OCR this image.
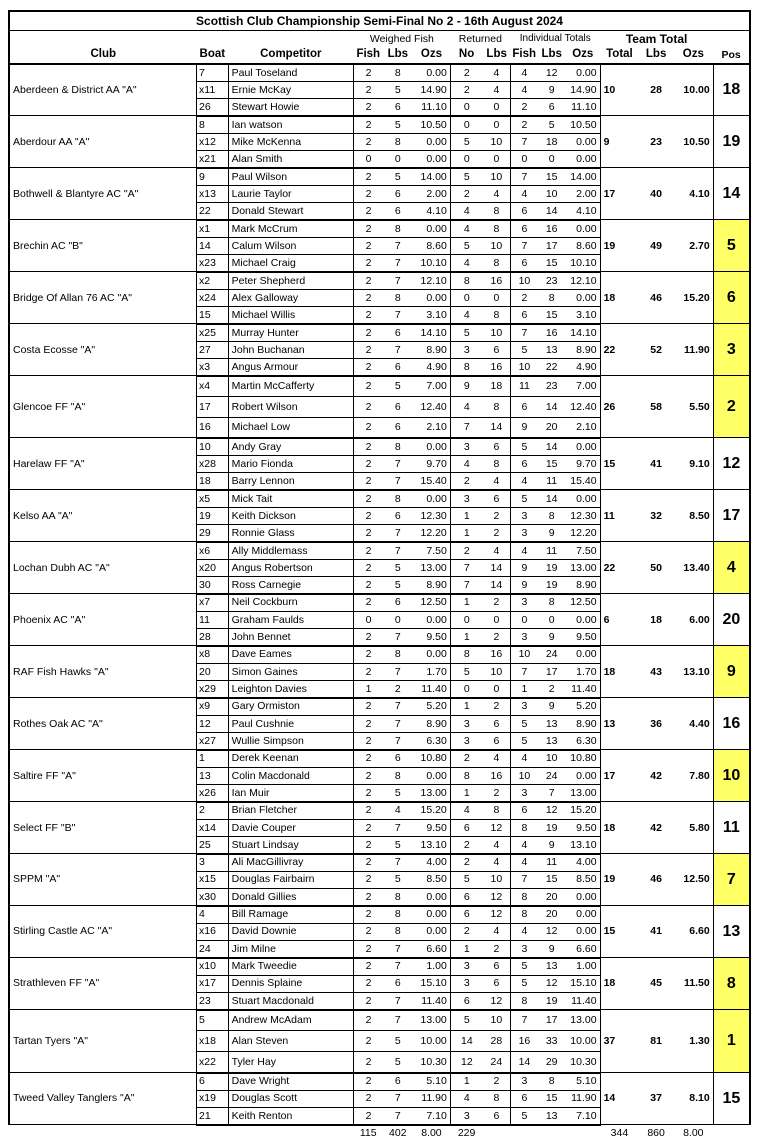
Scottish Club Championship Semi-Final No 2 - 16th August 2024														
			Weighed Fish			Returned		Individual Totals			Team Total			
Club	Boat	Competitor	Fish	Lbs	Ozs	No	Lbs	Fish	Lbs	Ozs	Total	Lbs	Ozs	Pos
Aberdeen & District AA "A"	7	Paul Toseland	2	8	0.00	2	4	4	12	0.00	10	28	10.00	18
	x11	Ernie McKay	2	5	14.90	2	4	4	9	14.90				
	26	Stewart Howie	2	6	11.10	0	0	2	6	11.10				
Aberdour AA "A"	8	Ian watson	2	5	10.50	0	0	2	5	10.50	9	23	10.50	19
	x12	Mike McKenna	2	8	0.00	5	10	7	18	0.00				
	x21	Alan Smith	0	0	0.00	0	0	0	0	0.00				
Bothwell & Blantyre AC "A"	9	Paul Wilson	2	5	14.00	5	10	7	15	14.00	17	40	4.10	14
	x13	Laurie Taylor	2	6	2.00	2	4	4	10	2.00				
	22	Donald Stewart	2	6	4.10	4	8	6	14	4.10				
Brechin AC "B"	x1	Mark McCrum	2	8	0.00	4	8	6	16	0.00	19	49	2.70	5
	14	Calum Wilson	2	7	8.60	5	10	7	17	8.60				
	x23	Michael Craig	2	7	10.10	4	8	6	15	10.10				
Bridge Of Allan 76 AC "A"	x2	Peter Shepherd	2	7	12.10	8	16	10	23	12.10	18	46	15.20	6
	x24	Alex Galloway	2	8	0.00	0	0	2	8	0.00				
	15	Michael Willis	2	7	3.10	4	8	6	15	3.10				
Costa Ecosse "A"	x25	Murray Hunter	2	6	14.10	5	10	7	16	14.10	22	52	11.90	3
	27	John Buchanan	2	7	8.90	3	6	5	13	8.90				
	x3	Angus Armour	2	6	4.90	8	16	10	22	4.90				
Glencoe FF "A"	x4	Martin McCafferty	2	5	7.00	9	18	11	23	7.00	26	58	5.50	2
	17	Robert Wilson	2	6	12.40	4	8	6	14	12.40				
	16	Michael Low	2	6	2.10	7	14	9	20	2.10				
Harelaw FF "A"	10	Andy Gray	2	8	0.00	3	6	5	14	0.00	15	41	9.10	12
	x28	Mario Fionda	2	7	9.70	4	8	6	15	9.70				
	18	Barry Lennon	2	7	15.40	2	4	4	11	15.40				
Kelso AA "A"	x5	Mick Tait	2	8	0.00	3	6	5	14	0.00	11	32	8.50	17
	19	Keith Dickson	2	6	12.30	1	2	3	8	12.30				
	29	Ronnie Glass	2	7	12.20	1	2	3	9	12.20				
Lochan Dubh AC "A"	x6	Ally Middlemass	2	7	7.50	2	4	4	11	7.50	22	50	13.40	4
	x20	Angus Robertson	2	5	13.00	7	14	9	19	13.00				
	30	Ross Carnegie	2	5	8.90	7	14	9	19	8.90				
Phoenix AC "A"	x7	Neil Cockburn	2	6	12.50	1	2	3	8	12.50	6	18	6.00	20
	11	Graham Faulds	0	0	0.00	0	0	0	0	0.00				
	28	John Bennet	2	7	9.50	1	2	3	9	9.50				
RAF Fish Hawks "A"	x8	Dave Eames	2	8	0.00	8	16	10	24	0.00	18	43	13.10	9
	20	Simon Gaines	2	7	1.70	5	10	7	17	1.70				
	x29	Leighton Davies	1	2	11.40	0	0	1	2	11.40				
Rothes Oak AC "A"	x9	Gary Ormiston	2	7	5.20	1	2	3	9	5.20	13	36	4.40	16
	12	Paul Cushnie	2	7	8.90	3	6	5	13	8.90				
	x27	Wullie Simpson	2	7	6.30	3	6	5	13	6.30				
Saltire FF "A"	1	Derek Keenan	2	6	10.80	2	4	4	10	10.80	17	42	7.80	10
	13	Colin Macdonald	2	8	0.00	8	16	10	24	0.00				
	x26	Ian Muir	2	5	13.00	1	2	3	7	13.00				
Select FF "B"	2	Brian Fletcher	2	4	15.20	4	8	6	12	15.20	18	42	5.80	11
	x14	Davie Couper	2	7	9.50	6	12	8	19	9.50				
	25	Stuart Lindsay	2	5	13.10	2	4	4	9	13.10				
SPPM "A"	3	Ali MacGillivray	2	7	4.00	2	4	4	11	4.00	19	46	12.50	7
	x15	Douglas Fairbairn	2	5	8.50	5	10	7	15	8.50				
	x30	Donald Gillies	2	8	0.00	6	12	8	20	0.00				
Stirling Castle AC "A"	4	Bill Ramage	2	8	0.00	6	12	8	20	0.00	15	41	6.60	13
	x16	David Downie	2	8	0.00	2	4	4	12	0.00				
	24	Jim Milne	2	7	6.60	1	2	3	9	6.60				
Strathleven FF "A"	x10	Mark Tweedie	2	7	1.00	3	6	5	13	1.00	18	45	11.50	8
	x17	Dennis Splaine	2	6	15.10	3	6	5	12	15.10				
	23	Stuart Macdonald	2	7	11.40	6	12	8	19	11.40				
Tartan Tyers "A"	5	Andrew McAdam	2	7	13.00	5	10	7	17	13.00	37	81	1.30	1
	x18	Alan Steven	2	5	10.00	14	28	16	33	10.00				
	x22	Tyler Hay	2	5	10.30	12	24	14	29	10.30				
Tweed Valley Tanglers "A"	6	Dave Wright	2	6	5.10	1	2	3	8	5.10	14	37	8.10	15
	x19	Douglas Scott	2	7	11.90	4	8	6	15	11.90				
	21	Keith Renton	2	7	7.10	3	6	5	13	7.10				
			115	402	8.00	229					344	860	8.00	
